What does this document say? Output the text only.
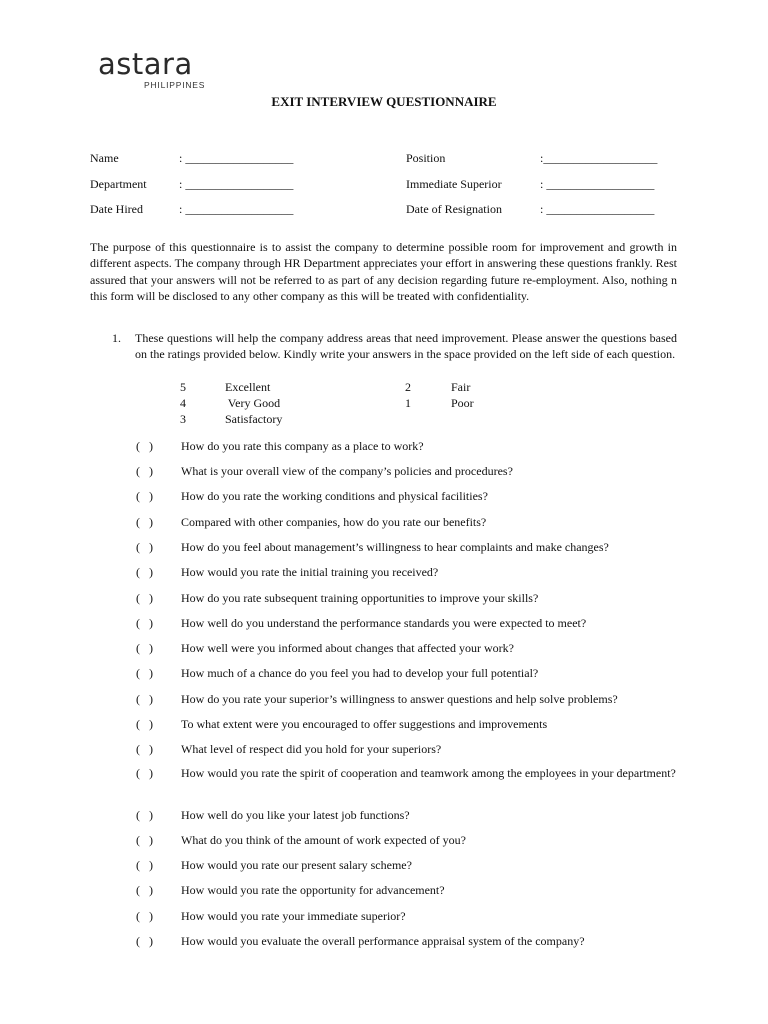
astara
PHILIPPINES
EXIT INTERVIEW QUESTIONNAIRE
Name	: __________________	Position	:___________________
Department	: __________________	Immediate Superior	: __________________
Date Hired	: __________________	Date of Resignation	: __________________
The purpose of this questionnaire is to assist the company to determine possible room for improvement and growth in different aspects. The company through HR Department appreciates your effort in answering these questions frankly. Rest assured that your answers will not be referred to as part of any decision regarding future re-employment. Also, nothing n this form will be disclosed to any other company as this will be treated with confidentiality.
1. These questions will help the company address areas that need improvement. Please answer the questions based on the ratings provided below. Kindly write your answers in the space provided on the left side of each question.
5	Excellent	2	Fair
4	Very Good	1	Poor
3	Satisfactory
(   ) How do you rate this company as a place to work?
(   ) What is your overall view of the company’s policies and procedures?
(   ) How do you rate the working conditions and physical facilities?
(   ) Compared with other companies, how do you rate our benefits?
(   ) How do you feel about management’s willingness to hear complaints and make changes?
(   ) How would you rate the initial training you received?
(   ) How do you rate subsequent training opportunities to improve your skills?
(   ) How well do you understand the performance standards you were expected to meet?
(   ) How well were you informed about changes that affected your work?
(   ) How much of a chance do you feel you had to develop your full potential?
(   ) How do you rate your superior’s willingness to answer questions and help solve problems?
(   ) To what extent were you encouraged to offer suggestions and improvements
(   ) What level of respect did you hold for your superiors?
(   )	How would you rate the spirit of cooperation and teamwork among the employees in your department?
(   ) How well do you like your latest job functions?
(   ) What do you think of the amount of work expected of you?
(   ) How would you rate our present salary scheme?
(   ) How would you rate the opportunity for advancement?
(   ) How would you rate your immediate superior?
(   ) How would you evaluate the overall performance appraisal system of the company?
